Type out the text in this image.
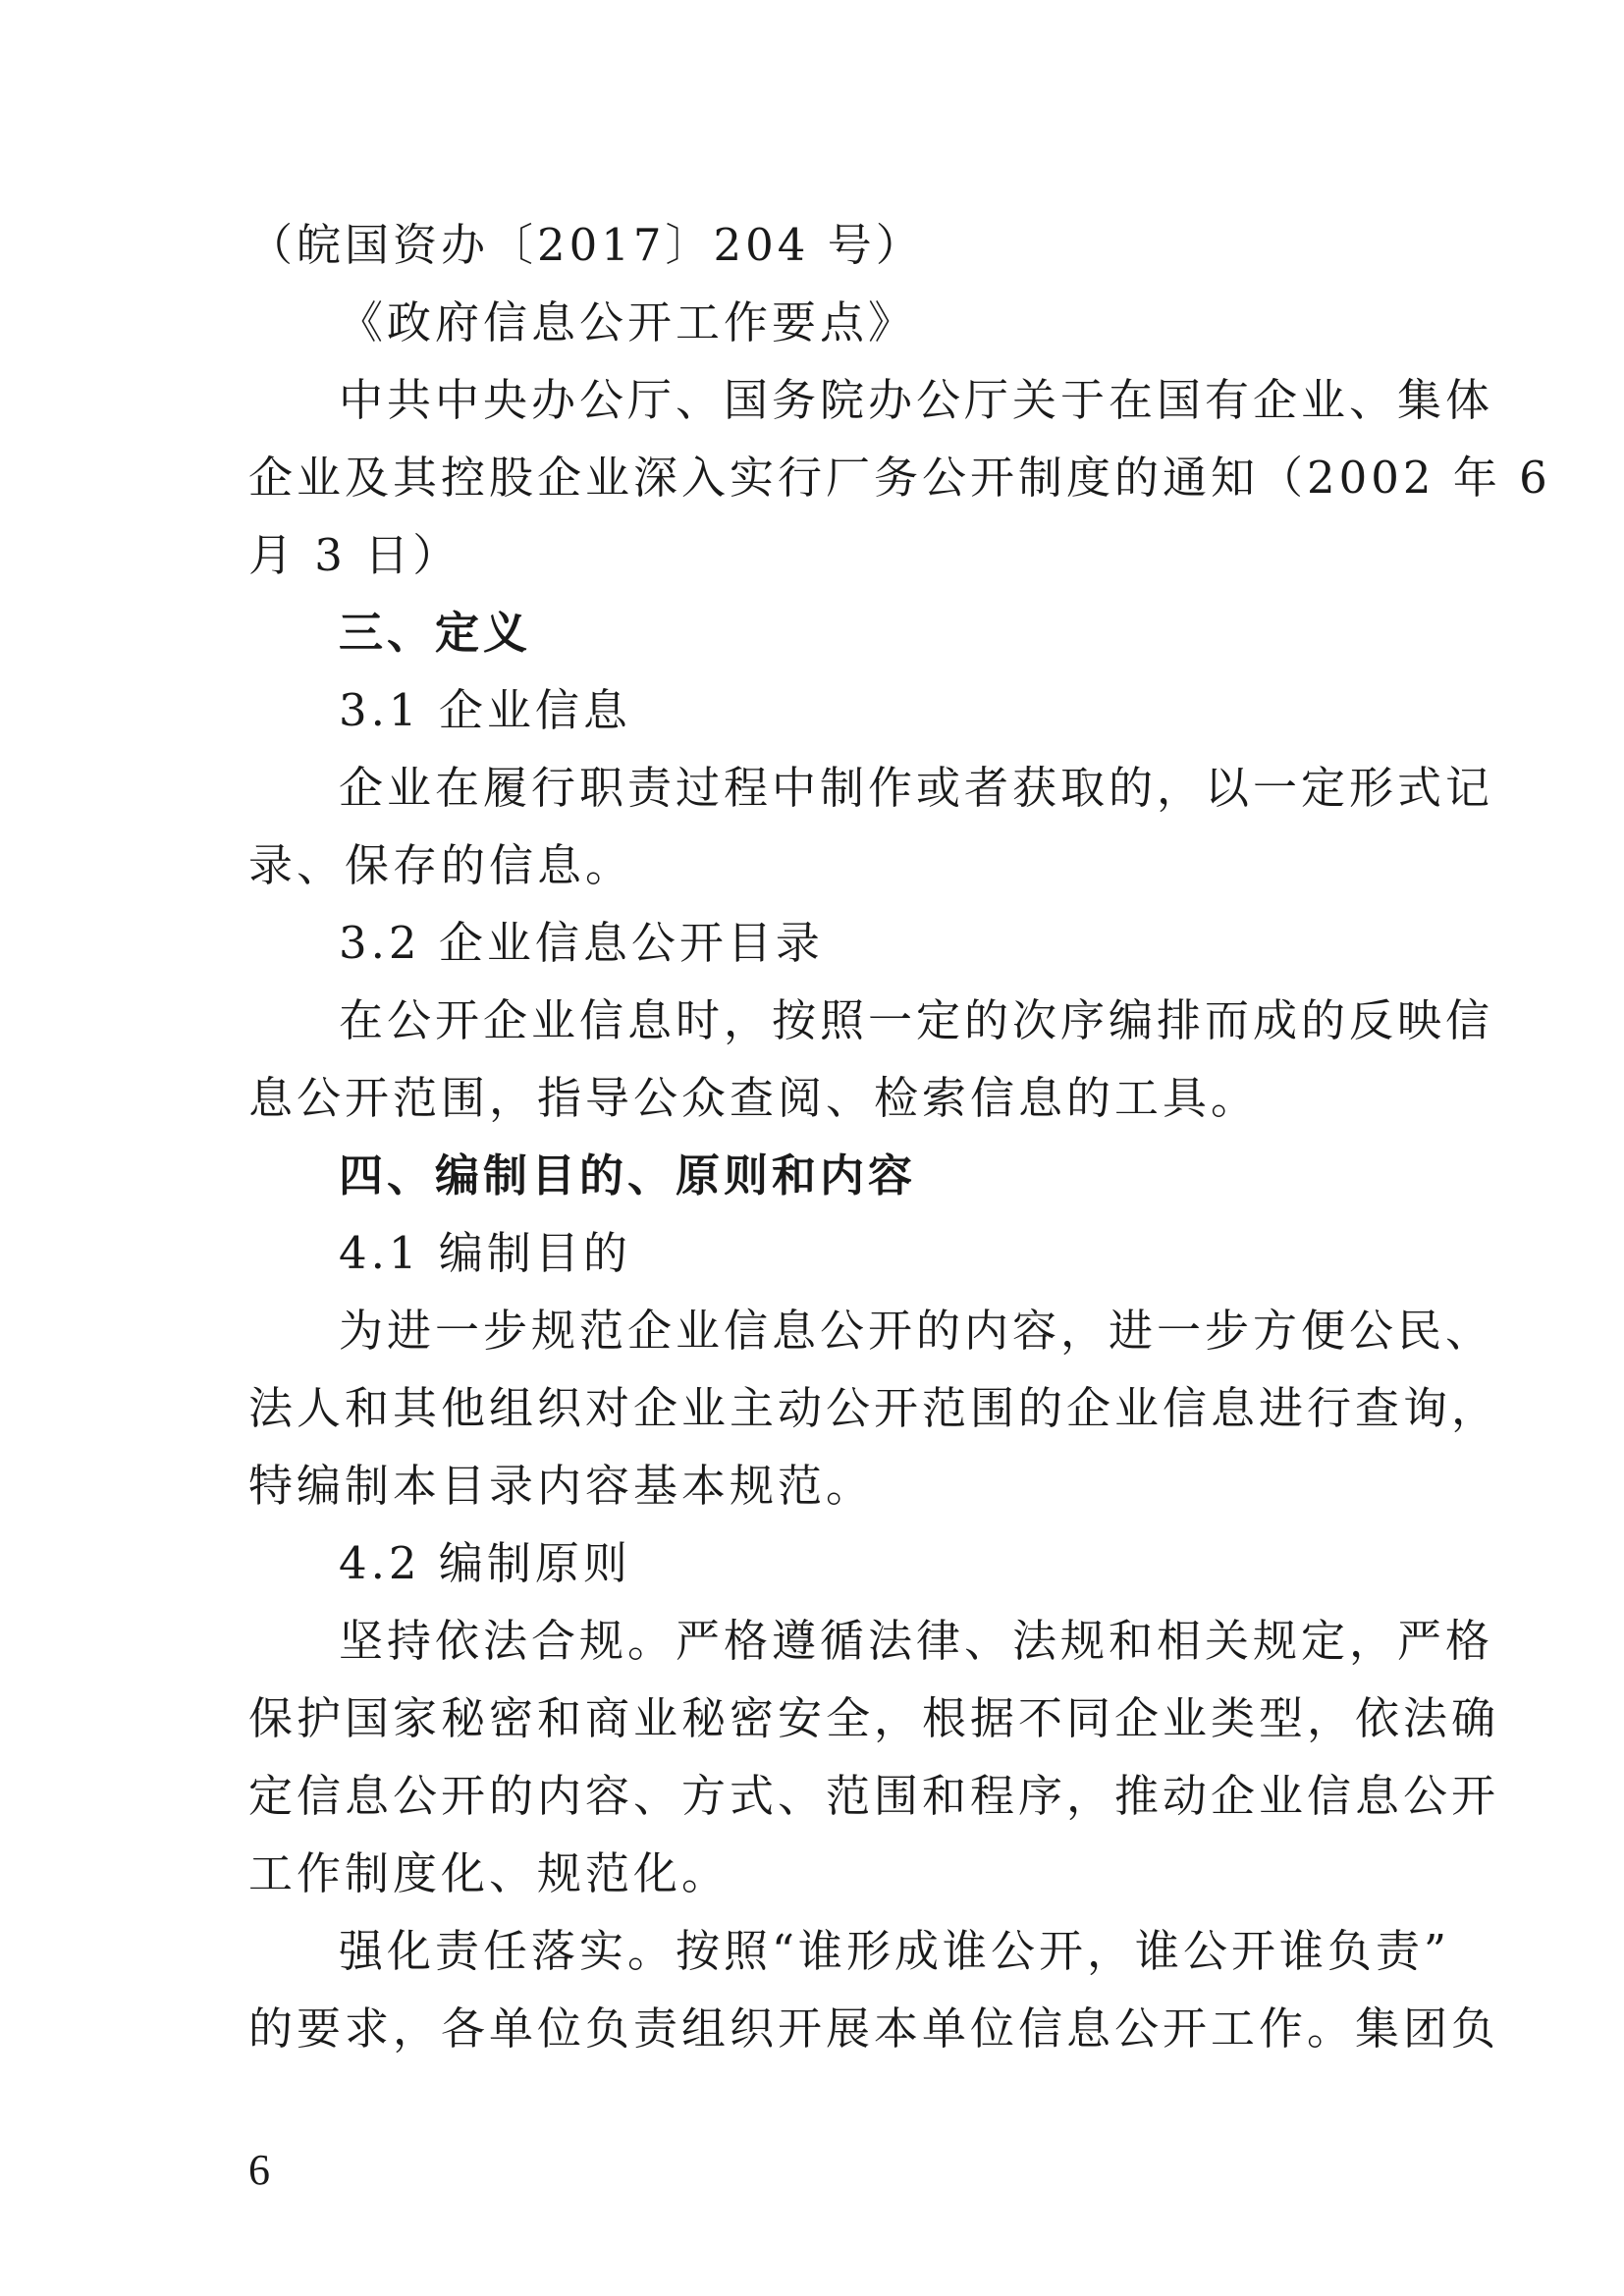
（皖国资办〔2017〕204 号）
《政府信息公开工作要点》
中共中央办公厅、国务院办公厅关于在国有企业、集体
企业及其控股企业深入实行厂务公开制度的通知（2002 年 6
月 3 日）
三、定义
3.1 企业信息
企业在履行职责过程中制作或者获取的，以一定形式记
录、保存的信息。
3.2 企业信息公开目录
在公开企业信息时，按照一定的次序编排而成的反映信
息公开范围，指导公众查阅、检索信息的工具。
四、编制目的、原则和内容
4.1 编制目的
为进一步规范企业信息公开的内容，进一步方便公民、
法人和其他组织对企业主动公开范围的企业信息进行查询，
特编制本目录内容基本规范。
4.2 编制原则
坚持依法合规。严格遵循法律、法规和相关规定，严格
保护国家秘密和商业秘密安全，根据不同企业类型，依法确
定信息公开的内容、方式、范围和程序，推动企业信息公开
工作制度化、规范化。
强化责任落实。按照“谁形成谁公开，谁公开谁负责”
的要求，各单位负责组织开展本单位信息公开工作。集团负
6
